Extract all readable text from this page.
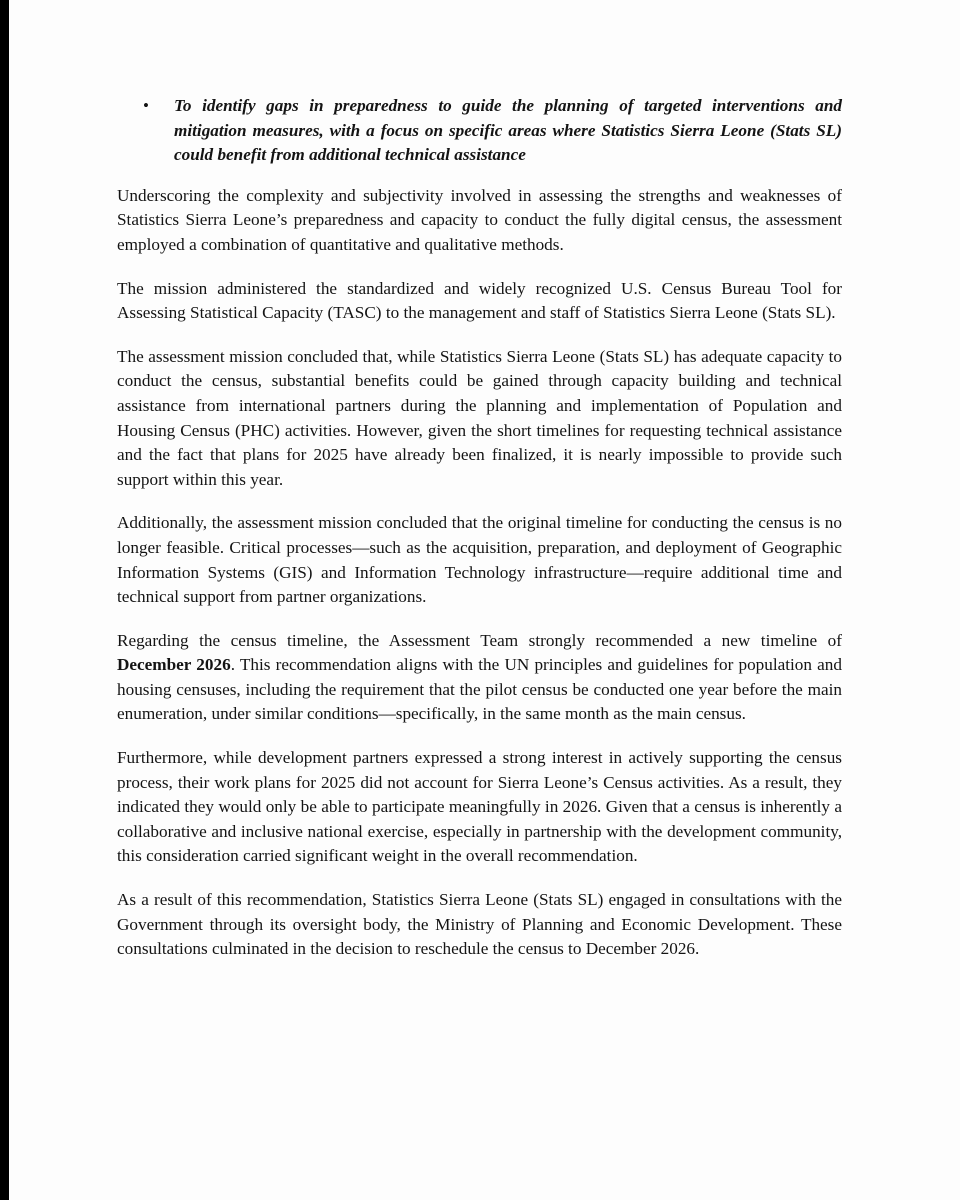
• To identify gaps in preparedness to guide the planning of targeted interventions and mitigation measures, with a focus on specific areas where Statistics Sierra Leone (Stats SL) could benefit from additional technical assistance

Underscoring the complexity and subjectivity involved in assessing the strengths and weaknesses of Statistics Sierra Leone’s preparedness and capacity to conduct the fully digital census, the assessment employed a combination of quantitative and qualitative methods.

The mission administered the standardized and widely recognized U.S. Census Bureau Tool for Assessing Statistical Capacity (TASC) to the management and staff of Statistics Sierra Leone (Stats SL).

The assessment mission concluded that, while Statistics Sierra Leone (Stats SL) has adequate capacity to conduct the census, substantial benefits could be gained through capacity building and technical assistance from international partners during the planning and implementation of Population and Housing Census (PHC) activities. However, given the short timelines for requesting technical assistance and the fact that plans for 2025 have already been finalized, it is nearly impossible to provide such support within this year.

Additionally, the assessment mission concluded that the original timeline for conducting the census is no longer feasible. Critical processes—such as the acquisition, preparation, and deployment of Geographic Information Systems (GIS) and Information Technology infrastructure—require additional time and technical support from partner organizations.

Regarding the census timeline, the Assessment Team strongly recommended a new timeline of December 2026. This recommendation aligns with the UN principles and guidelines for population and housing censuses, including the requirement that the pilot census be conducted one year before the main enumeration, under similar conditions—specifically, in the same month as the main census.

Furthermore, while development partners expressed a strong interest in actively supporting the census process, their work plans for 2025 did not account for Sierra Leone’s Census activities. As a result, they indicated they would only be able to participate meaningfully in 2026. Given that a census is inherently a collaborative and inclusive national exercise, especially in partnership with the development community, this consideration carried significant weight in the overall recommendation.

As a result of this recommendation, Statistics Sierra Leone (Stats SL) engaged in consultations with the Government through its oversight body, the Ministry of Planning and Economic Development. These consultations culminated in the decision to reschedule the census to December 2026.
